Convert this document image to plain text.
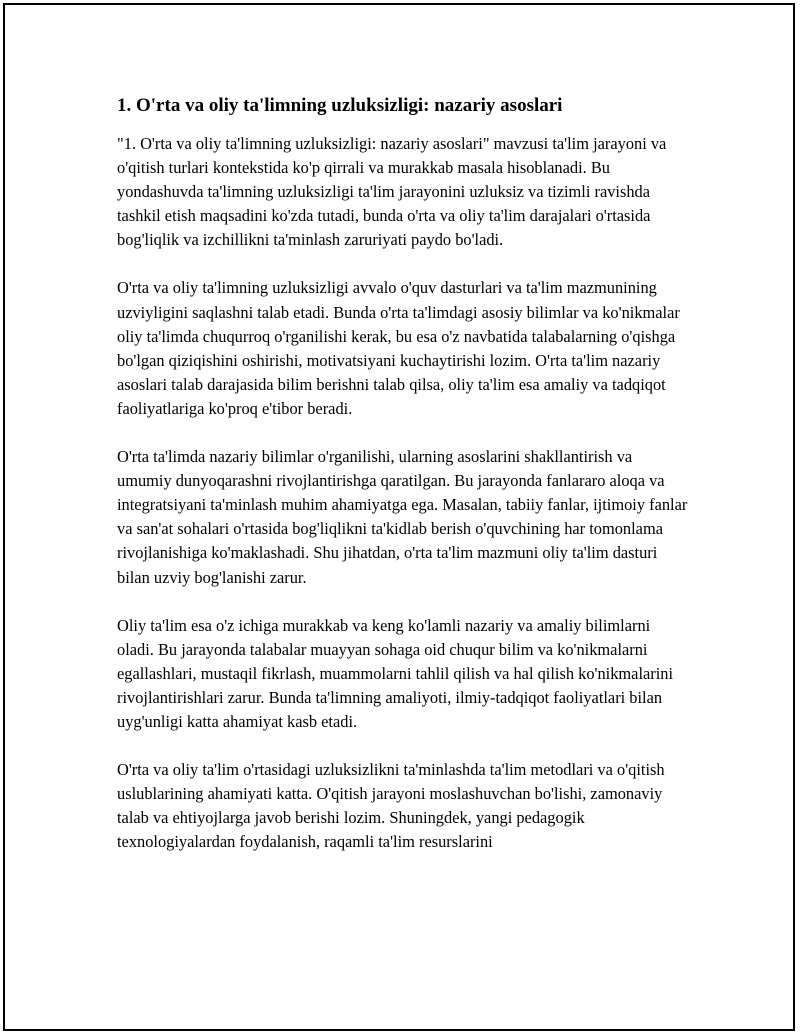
1. O'rta va oliy ta'limning uzluksizligi: nazariy asoslari

"1. O'rta va oliy ta'limning uzluksizligi: nazariy asoslari" mavzusi ta'lim jarayoni va o'qitish turlari kontekstida ko'p qirrali va murakkab masala hisoblanadi. Bu yondashuvda ta'limning uzluksizligi ta'lim jarayonini uzluksiz va tizimli ravishda tashkil etish maqsadini ko'zda tutadi, bunda o'rta va oliy ta'lim darajalari o'rtasida bog'liqlik va izchillikni ta'minlash zaruriyati paydo bo'ladi.

O'rta va oliy ta'limning uzluksizligi avvalo o'quv dasturlari va ta'lim mazmunining uzviyligini saqlashni talab etadi. Bunda o'rta ta'limdagi asosiy bilimlar va ko'nikmalar oliy ta'limda chuqurroq o'rganilishi kerak, bu esa o'z navbatida talabalarning o'qishga bo'lgan qiziqishini oshirishi, motivatsiyani kuchaytirishi lozim. O'rta ta'lim nazariy asoslari talab darajasida bilim berishni talab qilsa, oliy ta'lim esa amaliy va tadqiqot faoliyatlariga ko'proq e'tibor beradi.

O'rta ta'limda nazariy bilimlar o'rganilishi, ularning asoslarini shakllantirish va umumiy dunyoqarashni rivojlantirishga qaratilgan. Bu jarayonda fanlararo aloqa va integratsiyani ta'minlash muhim ahamiyatga ega. Masalan, tabiiy fanlar, ijtimoiy fanlar va san'at sohalari o'rtasida bog'liqlikni ta'kidlab berish o'quvchining har tomonlama rivojlanishiga ko'maklashadi. Shu jihatdan, o'rta ta'lim mazmuni oliy ta'lim dasturi bilan uzviy bog'lanishi zarur.

Oliy ta'lim esa o'z ichiga murakkab va keng ko'lamli nazariy va amaliy bilimlarni oladi. Bu jarayonda talabalar muayyan sohaga oid chuqur bilim va ko'nikmalarni egallashlari, mustaqil fikrlash, muammolarni tahlil qilish va hal qilish ko'nikmalarini rivojlantirishlari zarur. Bunda ta'limning amaliyoti, ilmiy-tadqiqot faoliyatlari bilan uyg'unligi katta ahamiyat kasb etadi.

O'rta va oliy ta'lim o'rtasidagi uzluksizlikni ta'minlashda ta'lim metodlari va o'qitish uslublarining ahamiyati katta. O'qitish jarayoni moslashuvchan bo'lishi, zamonaviy talab va ehtiyojlarga javob berishi lozim. Shuningdek, yangi pedagogik texnologiyalardan foydalanish, raqamli ta'lim resurslarini
